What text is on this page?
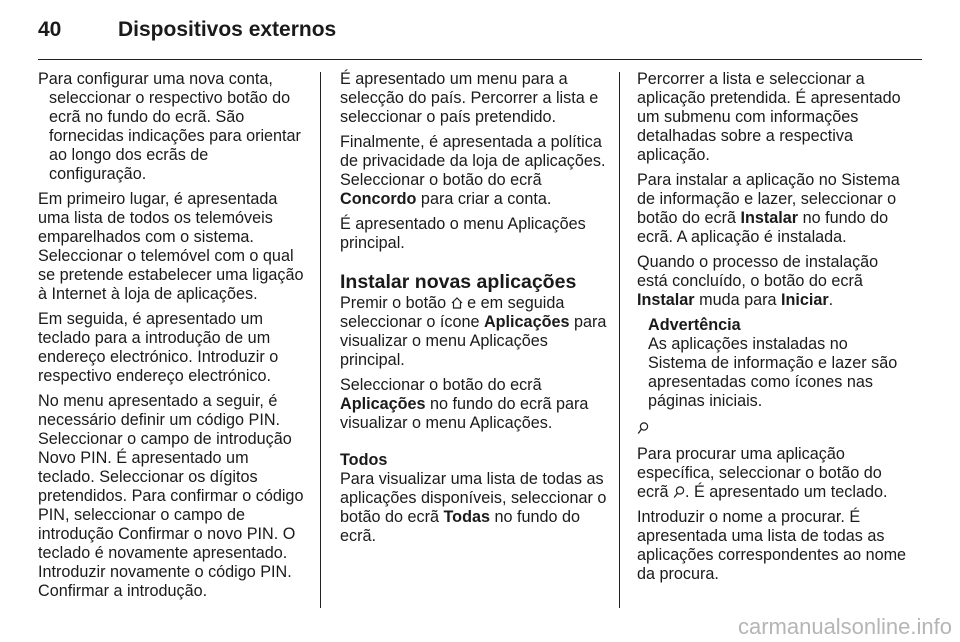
40	Dispositivos externos

Para configurar uma nova conta, seleccionar o respectivo botão do ecrã no fundo do ecrã. São fornecidas indicações para orientar ao longo dos ecrãs de configuração.

Em primeiro lugar, é apresentada uma lista de todos os telemóveis emparelhados com o sistema. Seleccionar o telemóvel com o qual se pretende estabelecer uma ligação à Internet à loja de aplicações.

Em seguida, é apresentado um teclado para a introdução de um endereço electrónico. Introduzir o respectivo endereço electrónico.

No menu apresentado a seguir, é necessário definir um código PIN. Seleccionar o campo de introdução Novo PIN. É apresentado um teclado. Seleccionar os dígitos pretendidos. Para confirmar o código PIN, seleccionar o campo de introdução Confirmar o novo PIN. O teclado é novamente apresentado. Introduzir novamente o código PIN. Confirmar a introdução.

É apresentado um menu para a selecção do país. Percorrer a lista e seleccionar o país pretendido.

Finalmente, é apresentada a política de privacidade da loja de aplicações. Seleccionar o botão do ecrã Concordo para criar a conta.

É apresentado o menu Aplicações principal.

Instalar novas aplicações

Premir o botão  e em seguida seleccionar o ícone Aplicações para visualizar o menu Aplicações principal.

Seleccionar o botão do ecrã Aplicações no fundo do ecrã para visualizar o menu Aplicações.

Todos

Para visualizar uma lista de todas as aplicações disponíveis, seleccionar o botão do ecrã Todas no fundo do ecrã.

Percorrer a lista e seleccionar a aplicação pretendida. É apresentado um submenu com informações detalhadas sobre a respectiva aplicação.

Para instalar a aplicação no Sistema de informação e lazer, seleccionar o botão do ecrã Instalar no fundo do ecrã. A aplicação é instalada.

Quando o processo de instalação está concluído, o botão do ecrã Instalar muda para Iniciar.

Advertência
As aplicações instaladas no Sistema de informação e lazer são apresentadas como ícones nas páginas iniciais.

Para procurar uma aplicação específica, seleccionar o botão do ecrã . É apresentado um teclado.

Introduzir o nome a procurar. É apresentada uma lista de todas as aplicações correspondentes ao nome da procura.

carmanualsonline.info
